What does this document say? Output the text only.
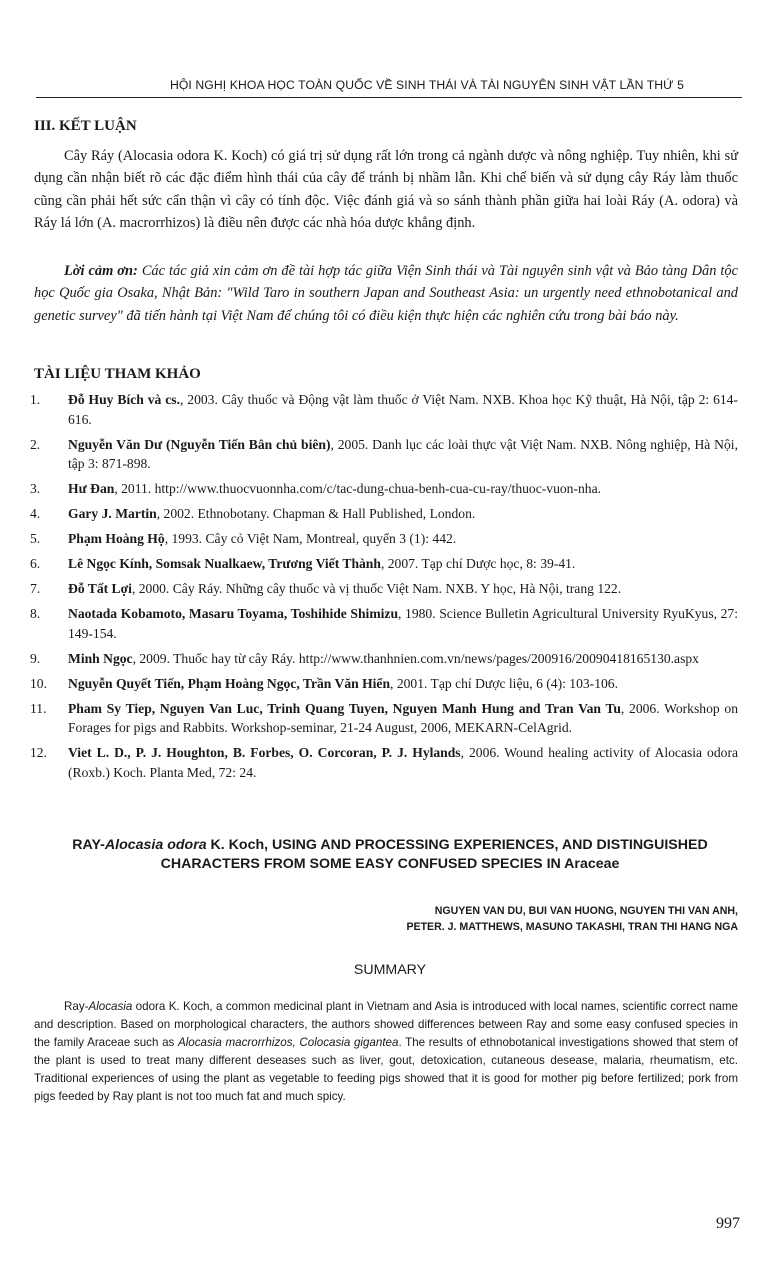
HỘI NGHỊ KHOA HỌC TOÀN QUỐC VỀ SINH THÁI VÀ TÀI NGUYÊN SINH VẬT LẦN THỨ 5
III. KẾT LUẬN
Cây Ráy (Alocasia odora K. Koch) có giá trị sử dụng rất lớn trong cả ngành dược và nông nghiệp. Tuy nhiên, khi sử dụng cần nhận biết rõ các đặc điểm hình thái của cây để tránh bị nhầm lẫn. Khi chế biến và sử dụng cây Ráy làm thuốc cũng cần phải hết sức cẩn thận vì cây có tính độc. Việc đánh giá và so sánh thành phần giữa hai loài Ráy (A. odora) và Ráy lá lớn (A. macrorrhizos) là điều nên được các nhà hóa dược khẳng định.
Lời cảm ơn: Các tác giả xin cảm ơn đề tài hợp tác giữa Viện Sinh thái và Tài nguyên sinh vật và Bảo tàng Dân tộc học Quốc gia Osaka, Nhật Bản: "Wild Taro in southern Japan and Southeast Asia: un urgently need ethnobotanical and genetic survey" đã tiến hành tại Việt Nam để chúng tôi có điều kiện thực hiện các nghiên cứu trong bài báo này.
TÀI LIỆU THAM KHẢO
1.	Đỗ Huy Bích và cs., 2003. Cây thuốc và Động vật làm thuốc ở Việt Nam. NXB. Khoa học Kỹ thuật, Hà Nội, tập 2: 614-616.
2.	Nguyễn Văn Dư (Nguyễn Tiến Bân chủ biên), 2005. Danh lục các loài thực vật Việt Nam. NXB. Nông nghiệp, Hà Nội, tập 3: 871-898.
3.	Hư Đan, 2011. http://www.thuocvuonnha.com/c/tac-dung-chua-benh-cua-cu-ray/thuoc-vuon-nha.
4.	Gary J. Martin, 2002. Ethnobotany. Chapman & Hall Published, London.
5.	Phạm Hoàng Hộ, 1993. Cây cỏ Việt Nam, Montreal, quyển 3 (1): 442.
6.	Lê Ngọc Kính, Somsak Nualkaew, Trương Viết Thành, 2007. Tạp chí Dược học, 8: 39-41.
7.	Đỗ Tất Lợi, 2000. Cây Ráy. Những cây thuốc và vị thuốc Việt Nam. NXB. Y học, Hà Nội, trang 122.
8.	Naotada Kobamoto, Masaru Toyama, Toshihide Shimizu, 1980. Science Bulletin Agricultural University RyuKyus, 27: 149-154.
9.	Minh Ngọc, 2009. Thuốc hay từ cây Ráy. http://www.thanhnien.com.vn/news/pages/200916/20090418165130.aspx
10.	Nguyễn Quyết Tiến, Phạm Hoàng Ngọc, Trần Văn Hiển, 2001. Tạp chí Dược liệu, 6 (4): 103-106.
11.	Pham Sy Tiep, Nguyen Van Luc, Trinh Quang Tuyen, Nguyen Manh Hung and Tran Van Tu, 2006. Workshop on Forages for pigs and Rabbits. Workshop-seminar, 21-24 August, 2006, MEKARN-CelAgrid.
12.	Viet L. D., P. J. Houghton, B. Forbes, O. Corcoran, P. J. Hylands, 2006. Wound healing activity of Alocasia odora (Roxb.) Koch. Planta Med, 72: 24.
RAY-Alocasia odora K. Koch, USING AND PROCESSING EXPERIENCES, AND DISTINGUISHED CHARACTERS FROM SOME EASY CONFUSED SPECIES IN Araceae
NGUYEN VAN DU, BUI VAN HUONG, NGUYEN THI VAN ANH,
PETER. J. MATTHEWS, MASUNO TAKASHI, TRAN THI HANG NGA
SUMMARY
Ray-Alocasia odora K. Koch, a common medicinal plant in Vietnam and Asia is introduced with local names, scientific correct name and description. Based on morphological characters, the authors showed differences between Ray and some easy confused species in the family Araceae such as Alocasia macrorrhizos, Colocasia gigantea. The results of ethnobotanical investigations showed that stem of the plant is used to treat many different deseases such as liver, gout, detoxication, cutaneous desease, malaria, rheumatism, etc. Traditional experiences of using the plant as vegetable to feeding pigs showed that it is good for mother pig before fertilized; pork from pigs feeded by Ray plant is not too much fat and much spicy.
997
